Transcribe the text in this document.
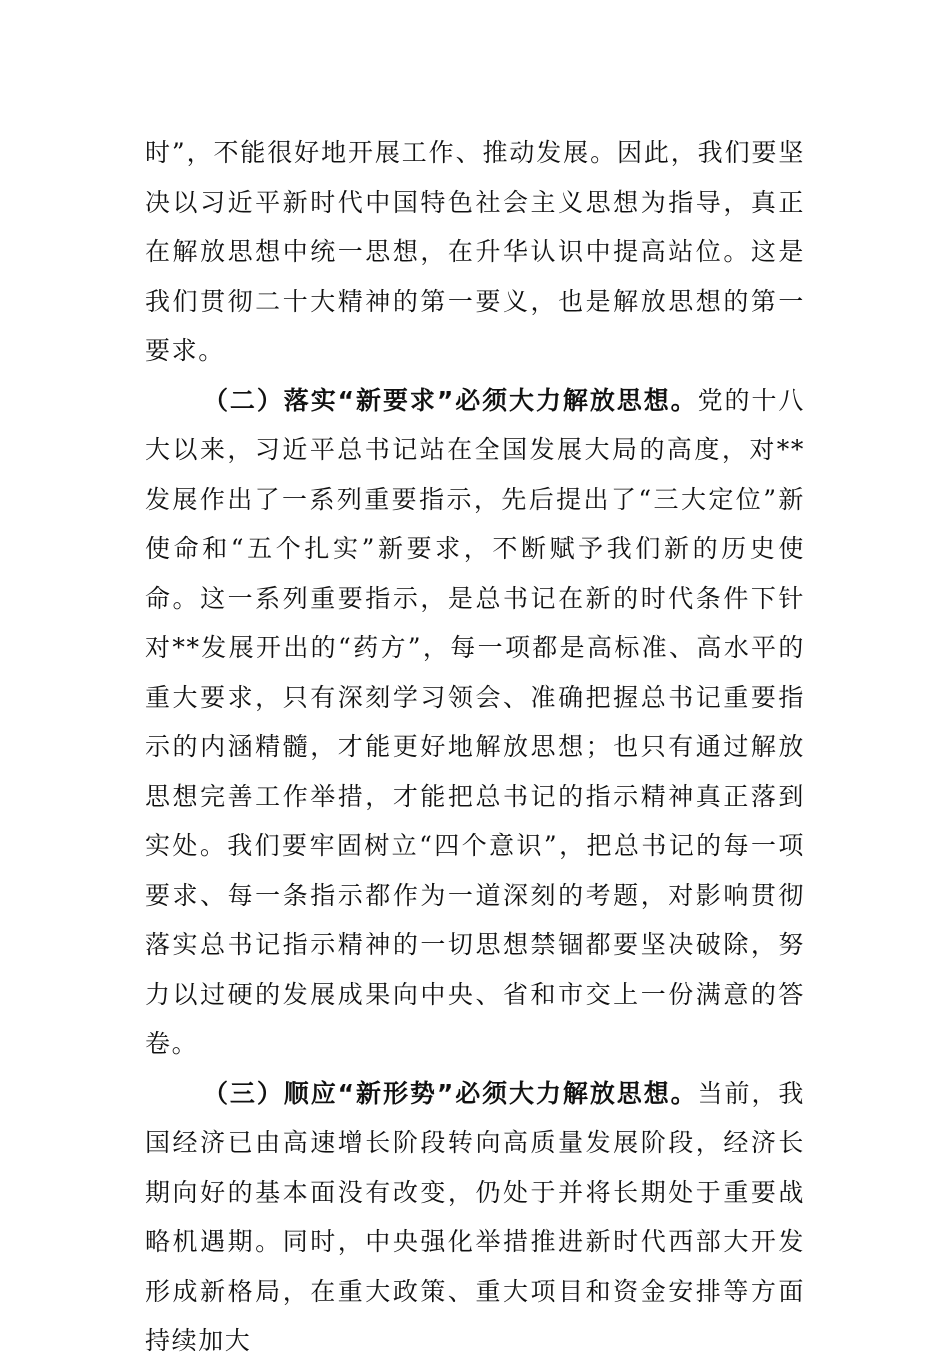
时”，不能很好地开展工作、推动发展。因此，我们要坚决以习近平新时代中国特色社会主义思想为指导，真正在解放思想中统一思想，在升华认识中提高站位。这是我们贯彻二十大精神的第一要义，也是解放思想的第一要求。

（二）落实“新要求”必须大力解放思想。党的十八大以来，习近平总书记站在全国发展大局的高度，对**发展作出了一系列重要指示，先后提出了“三大定位”新使命和“五个扎实”新要求，不断赋予我们新的历史使命。这一系列重要指示，是总书记在新的时代条件下针对**发展开出的“药方”，每一项都是高标准、高水平的重大要求，只有深刻学习领会、准确把握总书记重要指示的内涵精髓，才能更好地解放思想；也只有通过解放思想完善工作举措，才能把总书记的指示精神真正落到实处。我们要牢固树立“四个意识”，把总书记的每一项要求、每一条指示都作为一道深刻的考题，对影响贯彻落实总书记指示精神的一切思想禁锢都要坚决破除，努力以过硬的发展成果向中央、省和市交上一份满意的答卷。

（三）顺应“新形势”必须大力解放思想。当前，我国经济已由高速增长阶段转向高质量发展阶段，经济长期向好的基本面没有改变，仍处于并将长期处于重要战略机遇期。同时，中央强化举措推进新时代西部大开发形成新格局，在重大政策、重大项目和资金安排等方面持续加大
